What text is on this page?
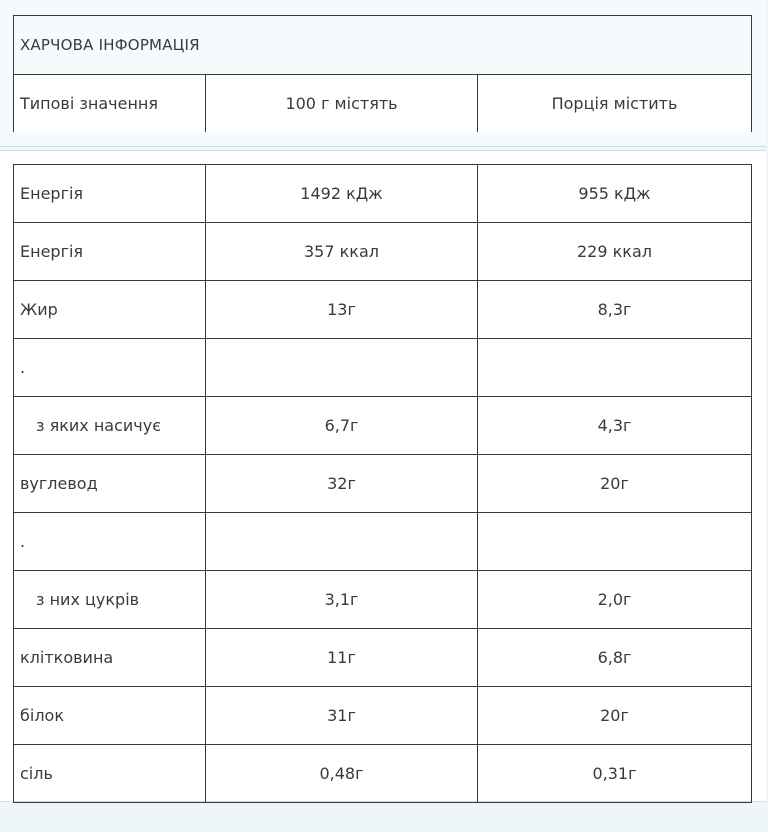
ХАРЧОВА ІНФОРМАЦІЯ
Типові значення	100 г містять	Порція містить
Енергія	1492 кДж	955 кДж
Енергія	357 ккал	229 ккал
Жир	13г	8,3г
.		
з яких насичує	6,7г	4,3г
вуглевод	32г	20г
.		
з них цукрів	3,1г	2,0г
клітковина	11г	6,8г
білок	31г	20г
сіль	0,48г	0,31г
